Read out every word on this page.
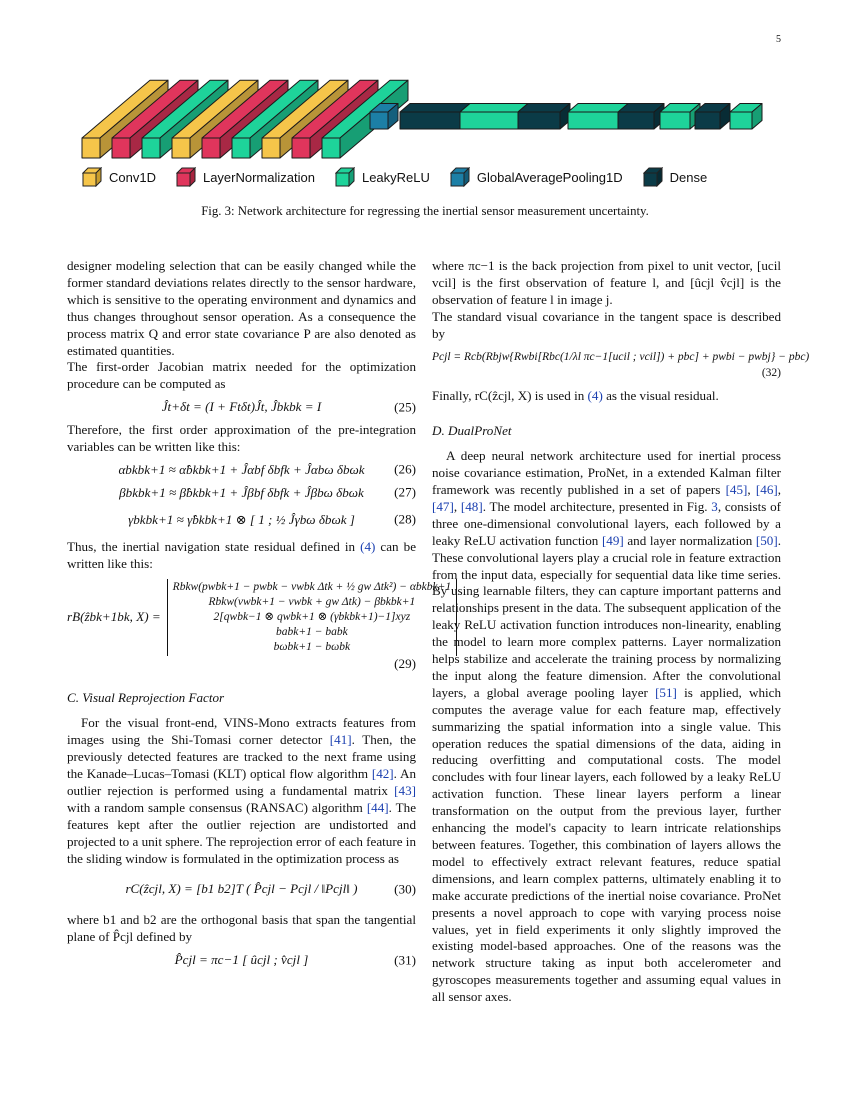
5
Conv1D	LayerNormalization	LeakyReLU	GlobalAveragePooling1D	Dense
Fig. 3: Network architecture for regressing the inertial sensor measurement uncertainty.

designer modeling selection that can be easily changed while the former standard deviations relates directly to the sensor hardware, which is sensitive to the operating environment and dynamics and thus changes throughout sensor operation. As a consequence the process matrix Q and error state covariance P are also denoted as estimated quantities.

The first-order Jacobian matrix needed for the optimization procedure can be computed as

Ĵt+δt = (I + Ftδt)Ĵt, Ĵbkbk = I	(25)

Therefore, the first order approximation of the pre-integration variables can be written like this:

αbkbk+1 ≈ α̂bkbk+1 + Ĵαbf δbfk + Ĵαbω δbωk (26)
βbkbk+1 ≈ β̂bkbk+1 + Ĵβbf δbfk + Ĵβbω δbωk (27)
γbkbk+1 ≈ γ̂bkbk+1 ⊗ [ 1 ; ½ Ĵγbω δbωk ]	(28)

Thus, the inertial navigation state residual defined in (4) can be written like this:

rB(ẑbk+1bk, X) =
Rbkw(pwbk+1 − pwbk − vwbk Δtk + ½ gw Δtk²) − αbkbk+1
Rbkw(vwbk+1 − vwbk + gw Δtk) − βbkbk+1
2[qwbk−1 ⊗ qwbk+1 ⊗ (γbkbk+1)−1]xyz
babk+1 − babk
bωbk+1 − bωbk
(29)
C. Visual Reprojection Factor

For the visual front-end, VINS-Mono extracts features from images using the Shi-Tomasi corner detector [41]. Then, the previously detected features are tracked to the next frame using the Kanade–Lucas–Tomasi (KLT) optical flow algorithm [42]. An outlier rejection is performed using a fundamental matrix [43] with a random sample consensus (RANSAC) algorithm [44]. The features kept after the outlier rejection are undistorted and projected to a unit sphere. The reprojection error of each feature in the sliding window is formulated in the optimization process as

rC(ẑcjl, X) = [b1 b2]T ( P̂cjl − Pcjl / ‖Pcjl‖ )	(30)

where b1 and b2 are the orthogonal basis that span the tangential plane of P̂cjl defined by

P̂cjl = πc−1 [ ûcjl ; v̂cjl ]	(31)

where πc−1 is the back projection from pixel to unit vector, [ucil vcil] is the first observation of feature l, and [ûcjl v̂cjl] is the observation of feature l in image j.

The standard visual covariance in the tangent space is described by

Pcjl = Rcb(Rbjw{Rwbi[Rbc(1/λl πc−1[ucil ; vcil]) + pbc] + pwbi − pwbj} − pbc)
(32)

Finally, rC(ẑcjl, X) is used in (4) as the visual residual.

D. DualProNet

A deep neural network architecture used for inertial process noise covariance estimation, ProNet, in a extended Kalman filter framework was recently published in a set of papers [45], [46], [47], [48]. The model architecture, presented in Fig. 3, consists of three one-dimensional convolutional layers, each followed by a leaky ReLU activation function [49] and layer normalization [50]. These convolutional layers play a crucial role in feature extraction from the input data, especially for sequential data like time series. By using learnable filters, they can capture important patterns and relationships present in the data. The subsequent application of the leaky ReLU activation function introduces non-linearity, enabling the model to learn more complex patterns. Layer normalization helps stabilize and accelerate the training process by normalizing the input along the feature dimension. After the convolutional layers, a global average pooling layer [51] is applied, which computes the average value for each feature map, effectively summarizing the spatial information into a single value. This operation reduces the spatial dimensions of the data, aiding in reducing overfitting and computational costs. The model concludes with four linear layers, each followed by a leaky ReLU activation function. These linear layers perform a linear transformation on the output from the previous layer, further enhancing the model's capacity to learn intricate relationships between features. Together, this combination of layers allows the model to effectively extract relevant features, reduce spatial dimensions, and learn complex patterns, ultimately enabling it to make accurate predictions of the inertial noise covariance. ProNet presents a novel approach to cope with varying process noise values, yet in field experiments it only slightly improved the existing model-based approaches. One of the reasons was the network structure taking as input both accelerometer and gyroscopes measurements together and assuming equal values in all sensor axes.
